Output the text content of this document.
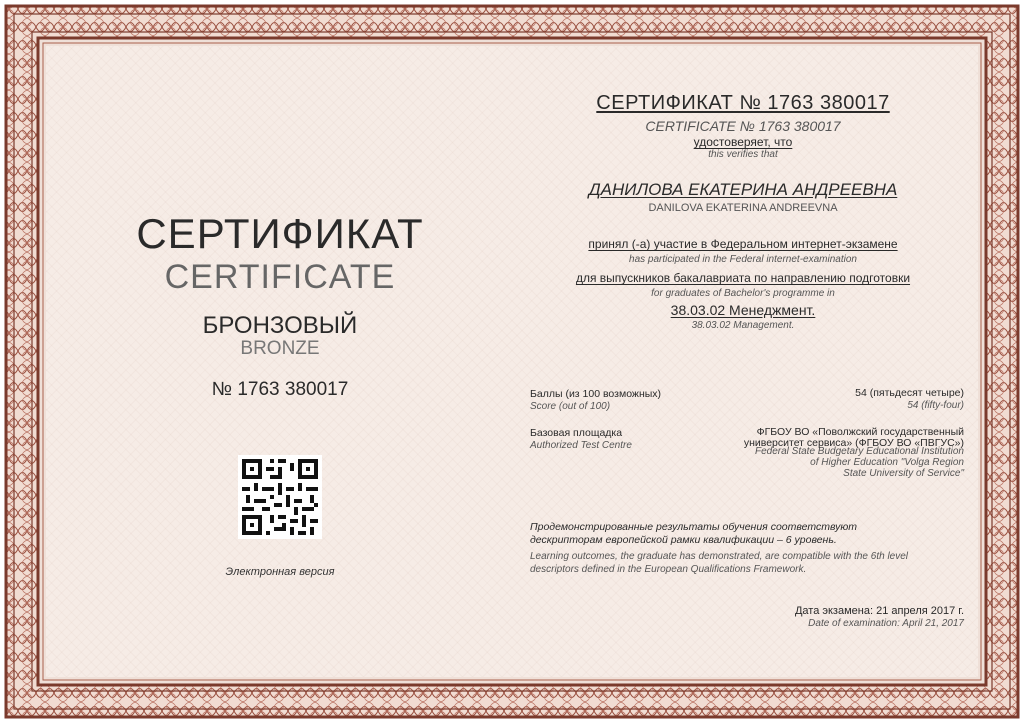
СЕРТИФИКАТ
CERTIFICATE
БРОНЗОВЫЙ
BRONZE
№ 1763 380017
Электронная версия
СЕРТИФИКАТ № 1763 380017
CERTIFICATE № 1763 380017
удостоверяет, что
this verifies that
ДАНИЛОВА ЕКАТЕРИНА АНДРЕЕВНА
DANILOVA EKATERINA ANDREEVNA
принял (-а) участие в Федеральном интернет-экзамене
has participated in the Federal internet-examination
для выпускников бакалавриата по направлению подготовки
for graduates of Bachelor's programme in
38.03.02 Менеджмент.
38.03.02 Management.
Баллы (из 100 возможных)
Score (out of 100)
54 (пятьдесят четыре)
54 (fifty-four)
Базовая площадка
Authorized Test Centre
ФГБОУ ВО «Поволжский государственный
университет сервиса» (ФГБОУ ВО «ПВГУС»)
Federal State Budgetary Educational Institution
of Higher Education "Volga Region
State University of Service"
Продемонстрированные результаты обучения соответствуют
дескрипторам европейской рамки квалификации – 6 уровень.
Learning outcomes, the graduate has demonstrated, are compatible with the 6th level
descriptors defined in the European Qualifications Framework.
Дата экзамена: 21 апреля 2017 г.
Date of examination: April 21, 2017
